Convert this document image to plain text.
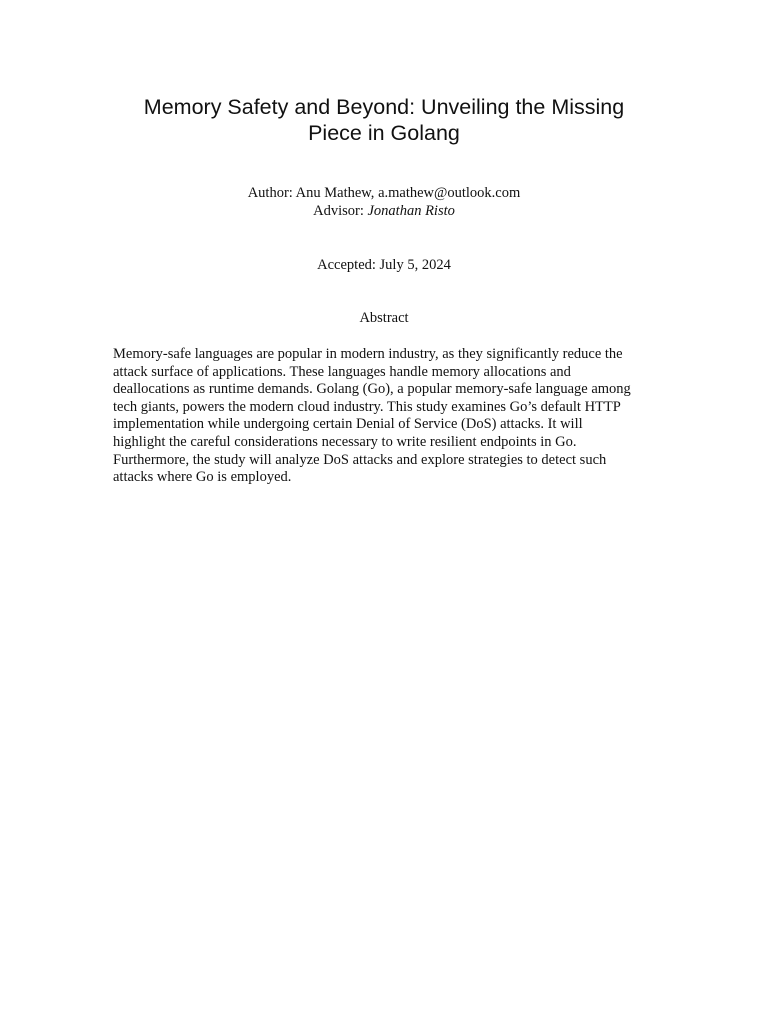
Memory Safety and Beyond: Unveiling the Missing
Piece in Golang
Author: Anu Mathew, a.mathew@outlook.com
Advisor: Jonathan Risto
Accepted: July 5, 2024
Abstract

Memory-safe languages are popular in modern industry, as they significantly reduce the
attack surface of applications. These languages handle memory allocations and
deallocations as runtime demands. Golang (Go), a popular memory-safe language among
tech giants, powers the modern cloud industry. This study examines Go’s default HTTP
implementation while undergoing certain Denial of Service (DoS) attacks. It will
highlight the careful considerations necessary to write resilient endpoints in Go.
Furthermore, the study will analyze DoS attacks and explore strategies to detect such
attacks where Go is employed.
